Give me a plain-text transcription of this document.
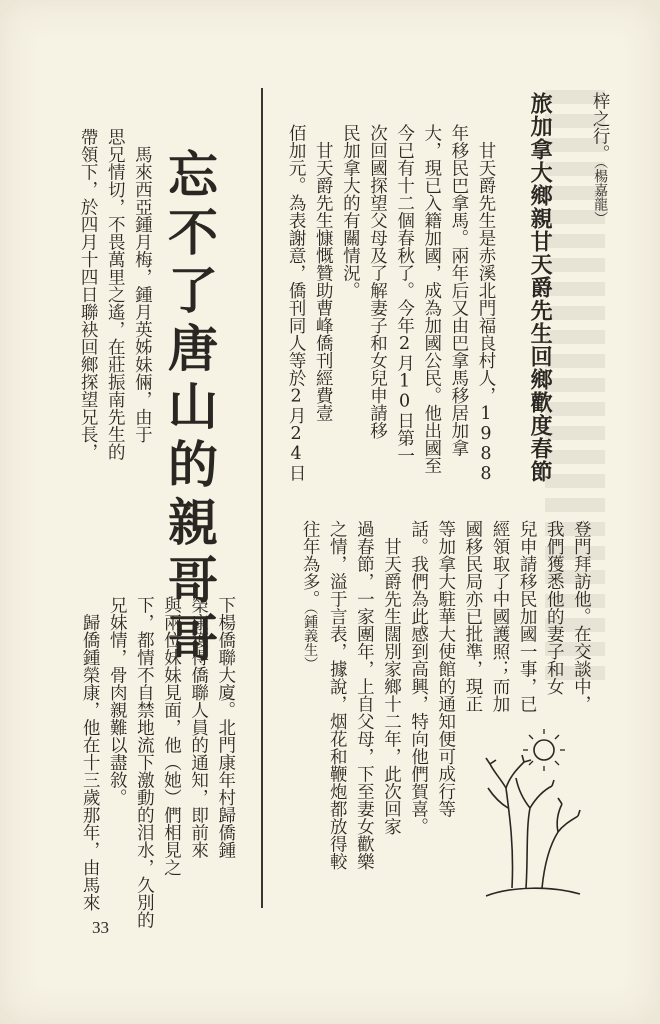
梓之行。（楊嘉龍）
旅加拿大鄉親甘天爵先生回鄉歡度春節
　甘天爵先生是赤溪北門福良村人，1988
年移民巴拿馬。兩年后又由巴拿馬移居加拿
大，現已入籍加國，成為加國公民。他出國至
今已有十二個春秋了。今年2月10日第一
次回國探望父母及了解妻子和女兒申請移
民加拿大的有關情況。
　甘天爵先生慷慨贊助曹峰僑刊經費壹
佰加元。為表謝意，僑刊同人等於2月24日
登門拜訪他。在交談中，
我們獲悉他的妻子和女
兒申請移民加國一事，已
經領取了中國護照；而加
國移民局亦已批準，現正
等加拿大駐華大使館的通知便可成行等
話。我們為此感到高興，特向他們賀喜。
　甘天爵先生闊別家鄉十二年，此次回家
過春節，一家團年，上自父母，下至妻女歡樂
之情，溢于言表，據說，烟花和鞭炮都放得較
往年為多。（鍾義生）
忘不了唐山的親哥哥
　馬來西亞鍾月梅，鍾月英姊妹倆，由于
思兄情切，不畏萬里之遙，在莊振南先生的
帶領下，於四月十四日聯袂回鄉探望兄長，
下楊僑聯大廈。北門康年村歸僑鍾
榮康獲得僑聯人員的通知，即前來
與兩位妹妹見面，他（她）們相見之
下，都情不自禁地流下激動的泪水，久別的
兄妹情，骨肉親難以盡敘。
　歸僑鍾榮康，他在十三歲那年，由馬來
33
